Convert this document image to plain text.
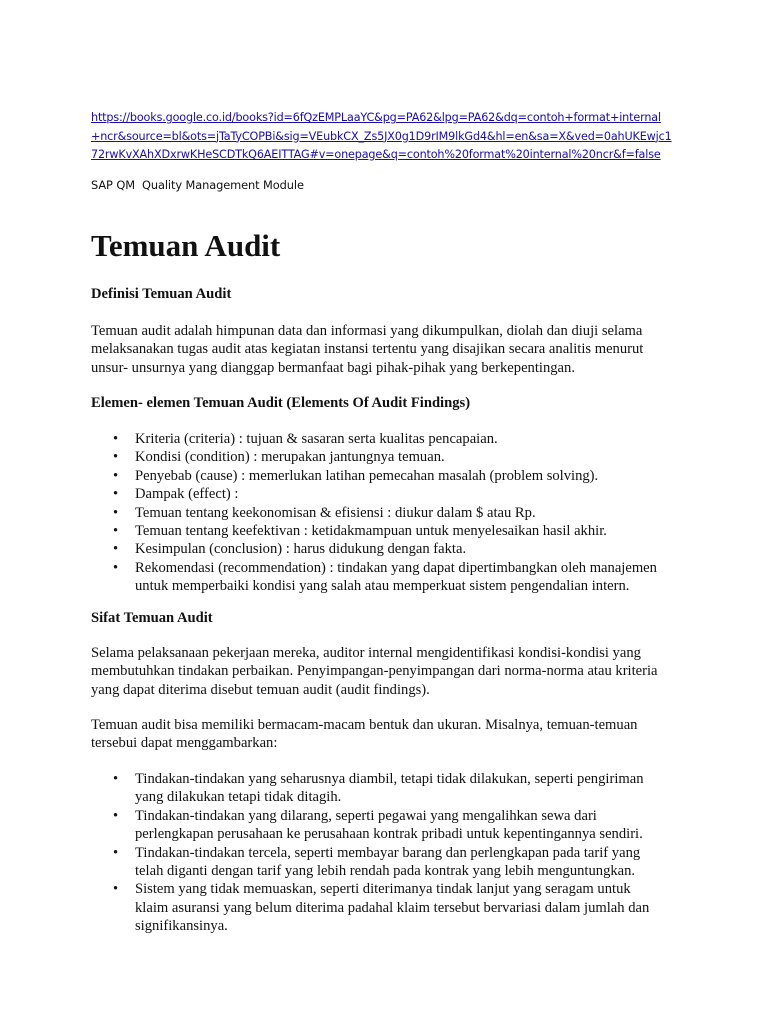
https://books.google.co.id/books?id=6fQzEMPLaaYC&pg=PA62&lpg=PA62&dq=contoh+format+internal
+ncr&source=bl&ots=jTaTyCOPBi&sig=VEubkCX_Zs5JX0g1D9rIM9lkGd4&hl=en&sa=X&ved=0ahUKEwjc1
72rwKvXAhXDxrwKHeSCDTkQ6AEITTAG#v=onepage&q=contoh%20format%20internal%20ncr&f=false
SAP QM  Quality Management Module
Temuan Audit
Definisi Temuan Audit
Temuan audit adalah himpunan data dan informasi yang dikumpulkan, diolah dan diuji selama
melaksanakan tugas audit atas kegiatan instansi tertentu yang disajikan secara analitis menurut
unsur- unsurnya yang dianggap bermanfaat bagi pihak-pihak yang berkepentingan.
Elemen- elemen Temuan Audit (Elements Of Audit Findings)
• Kriteria (criteria) : tujuan & sasaran serta kualitas pencapaian.
• Kondisi (condition) : merupakan jantungnya temuan.
• Penyebab (cause) : memerlukan latihan pemecahan masalah (problem solving).
• Dampak (effect) :
• Temuan tentang keekonomisan & efisiensi : diukur dalam $ atau Rp.
• Temuan tentang keefektivan : ketidakmampuan untuk menyelesaikan hasil akhir.
• Kesimpulan (conclusion) : harus didukung dengan fakta.
• Rekomendasi (recommendation) : tindakan yang dapat dipertimbangkan oleh manajemen
untuk memperbaiki kondisi yang salah atau memperkuat sistem pengendalian intern.
Sifat Temuan Audit
Selama pelaksanaan pekerjaan mereka, auditor internal mengidentifikasi kondisi-kondisi yang
membutuhkan tindakan perbaikan. Penyimpangan-penyimpangan dari norma-norma atau kriteria
yang dapat diterima disebut temuan audit (audit findings).
Temuan audit bisa memiliki bermacam-macam bentuk dan ukuran. Misalnya, temuan-temuan
tersebui dapat menggambarkan:
• Tindakan-tindakan yang seharusnya diambil, tetapi tidak dilakukan, seperti pengiriman
yang dilakukan tetapi tidak ditagih.
• Tindakan-tindakan yang dilarang, seperti pegawai yang mengalihkan sewa dari
perlengkapan perusahaan ke perusahaan kontrak pribadi untuk kepentingannya sendiri.
• Tindakan-tindakan tercela, seperti membayar barang dan perlengkapan pada tarif yang
telah diganti dengan tarif yang lebih rendah pada kontrak yang lebih menguntungkan.
• Sistem yang tidak memuaskan, seperti diterimanya tindak lanjut yang seragam untuk
klaim asuransi yang belum diterima padahal klaim tersebut bervariasi dalam jumlah dan
signifikansinya.
